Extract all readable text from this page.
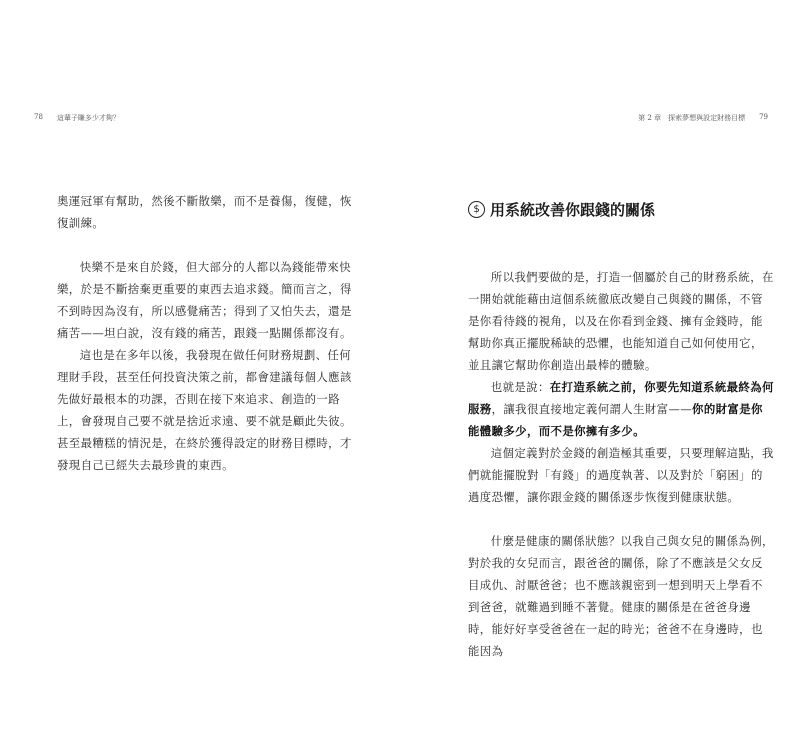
78 這輩子賺多少才夠？

奧運冠軍有幫助，然後不斷散樂，而不是養傷，復健，恢復訓練。

快樂不是來自於錢，但大部分的人都以為錢能帶來快樂，於是不斷捨棄更重要的東西去追求錢。簡而言之，得不到時因為沒有，所以感覺痛苦；得到了又怕失去，還是痛苦——坦白說，沒有錢的痛苦，跟錢一點關係都沒有。

這也是在多年以後，我發現在做任何財務規劃、任何理財手段，甚至任何投資決策之前，都會建議每個人應該先做好最根本的功課，否則在接下來追求、創造的一路上，會發現自己要不就是捨近求遠、要不就是顧此失彼。甚至最糟糕的情況是，在終於獲得設定的財務目標時，才發現自己已經失去最珍貴的東西。

第 2 章　探索夢想與設定財務目標 79
$ 用系統改善你跟錢的關係

所以我們要做的是，打造一個屬於自己的財務系統，在一開始就能藉由這個系統徹底改變自己與錢的關係，不管是你看待錢的視角，以及在你看到金錢、擁有金錢時，能幫助你真正擺脫稀缺的恐懼，也能知道自己如何使用它，並且讓它幫助你創造出最棒的體驗。

也就是說：在打造系統之前，你要先知道系統最終為何服務，讓我很直接地定義何謂人生財富——你的財富是你能體驗多少，而不是你擁有多少。

這個定義對於金錢的創造極其重要，只要理解這點，我們就能擺脫對「有錢」的過度執著、以及對於「窮困」的過度恐懼，讓你跟金錢的關係逐步恢復到健康狀態。

什麼是健康的關係狀態？以我自己與女兒的關係為例，對於我的女兒而言，跟爸爸的關係，除了不應該是父女反目成仇、討厭爸爸；也不應該親密到一想到明天上學看不到爸爸，就難過到睡不著覺。健康的關係是在爸爸身邊時，能好好享受爸爸在一起的時光；爸爸不在身邊時，也能因為
